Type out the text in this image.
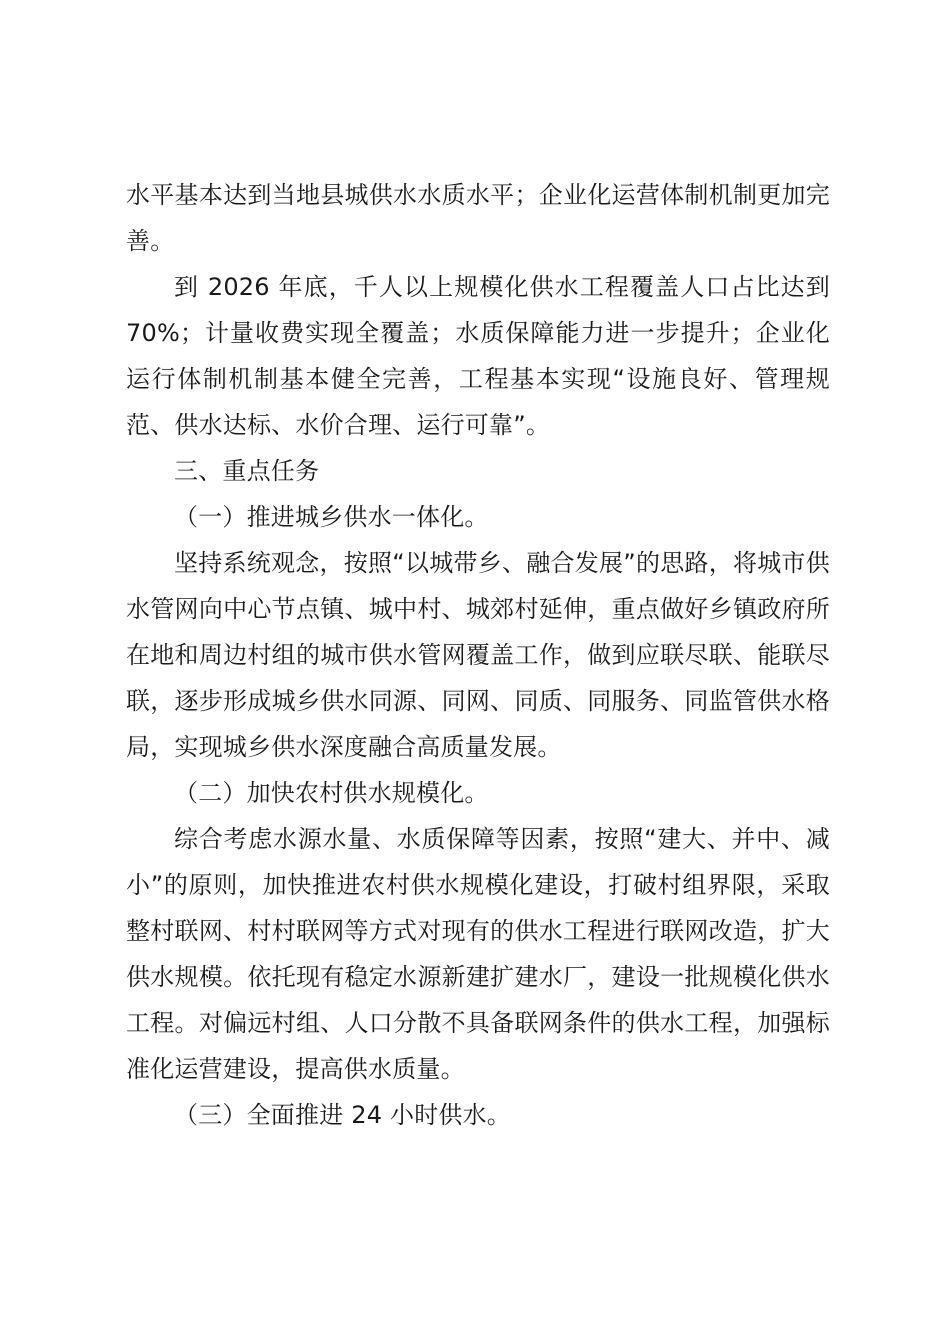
水平基本达到当地县城供水水质水平；企业化运营体制机制更加完善。

到 2026 年底，千人以上规模化供水工程覆盖人口占比达到 70%；计量收费实现全覆盖；水质保障能力进一步提升；企业化运行体制机制基本健全完善，工程基本实现“设施良好、管理规范、供水达标、水价合理、运行可靠”。

三、重点任务

（一）推进城乡供水一体化。

坚持系统观念，按照“以城带乡、融合发展”的思路，将城市供水管网向中心节点镇、城中村、城郊村延伸，重点做好乡镇政府所在地和周边村组的城市供水管网覆盖工作，做到应联尽联、能联尽联，逐步形成城乡供水同源、同网、同质、同服务、同监管供水格局，实现城乡供水深度融合高质量发展。

（二）加快农村供水规模化。

综合考虑水源水量、水质保障等因素，按照“建大、并中、减小”的原则，加快推进农村供水规模化建设，打破村组界限，采取整村联网、村村联网等方式对现有的供水工程进行联网改造，扩大供水规模。依托现有稳定水源新建扩建水厂，建设一批规模化供水工程。对偏远村组、人口分散不具备联网条件的供水工程，加强标准化运营建设，提高供水质量。

（三）全面推进 24 小时供水。
